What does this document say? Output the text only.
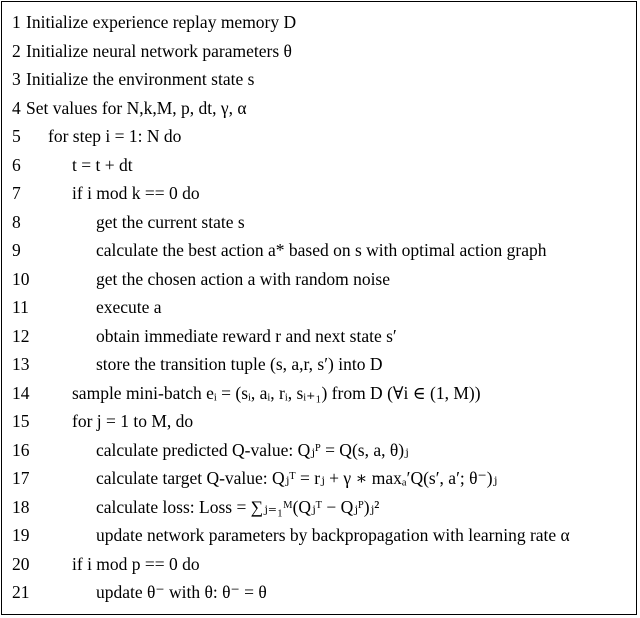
1 Initialize experience replay memory D
2 Initialize neural network parameters θ
3 Initialize the environment state s
4 Set values for N,k,M, p, dt, γ, α
5 for step i = 1: N do
6	t = t + dt
7	if i mod k == 0 do
8	get the current state s
9	calculate the best action a* based on s with optimal action graph
10	get the chosen action a with random noise
11	execute a
12	obtain immediate reward r and next state s′
13	store the transition tuple (s, a,r, s′) into D
14 sample mini-batch eᵢ = (sᵢ, aᵢ, rᵢ, sᵢ₊₁) from D (∀i ∈ (1, M))
15 for j = 1 to M, do
16	calculate predicted Q-value: Qⱼᴾ = Q(s, a, θ)ⱼ
17	calculate target Q-value: Qⱼᵀ = rⱼ + γ ∗ maxₐ′Q(s′, a′; θ⁻)ⱼ
18	calculate loss: Loss = ∑ⱼ₌₁ᴹ(Qⱼᵀ − Qⱼᴾ)ⱼ²
19	update network parameters by backpropagation with learning rate α
20 if i mod p == 0 do
21	update θ⁻ with θ: θ⁻ = θ
